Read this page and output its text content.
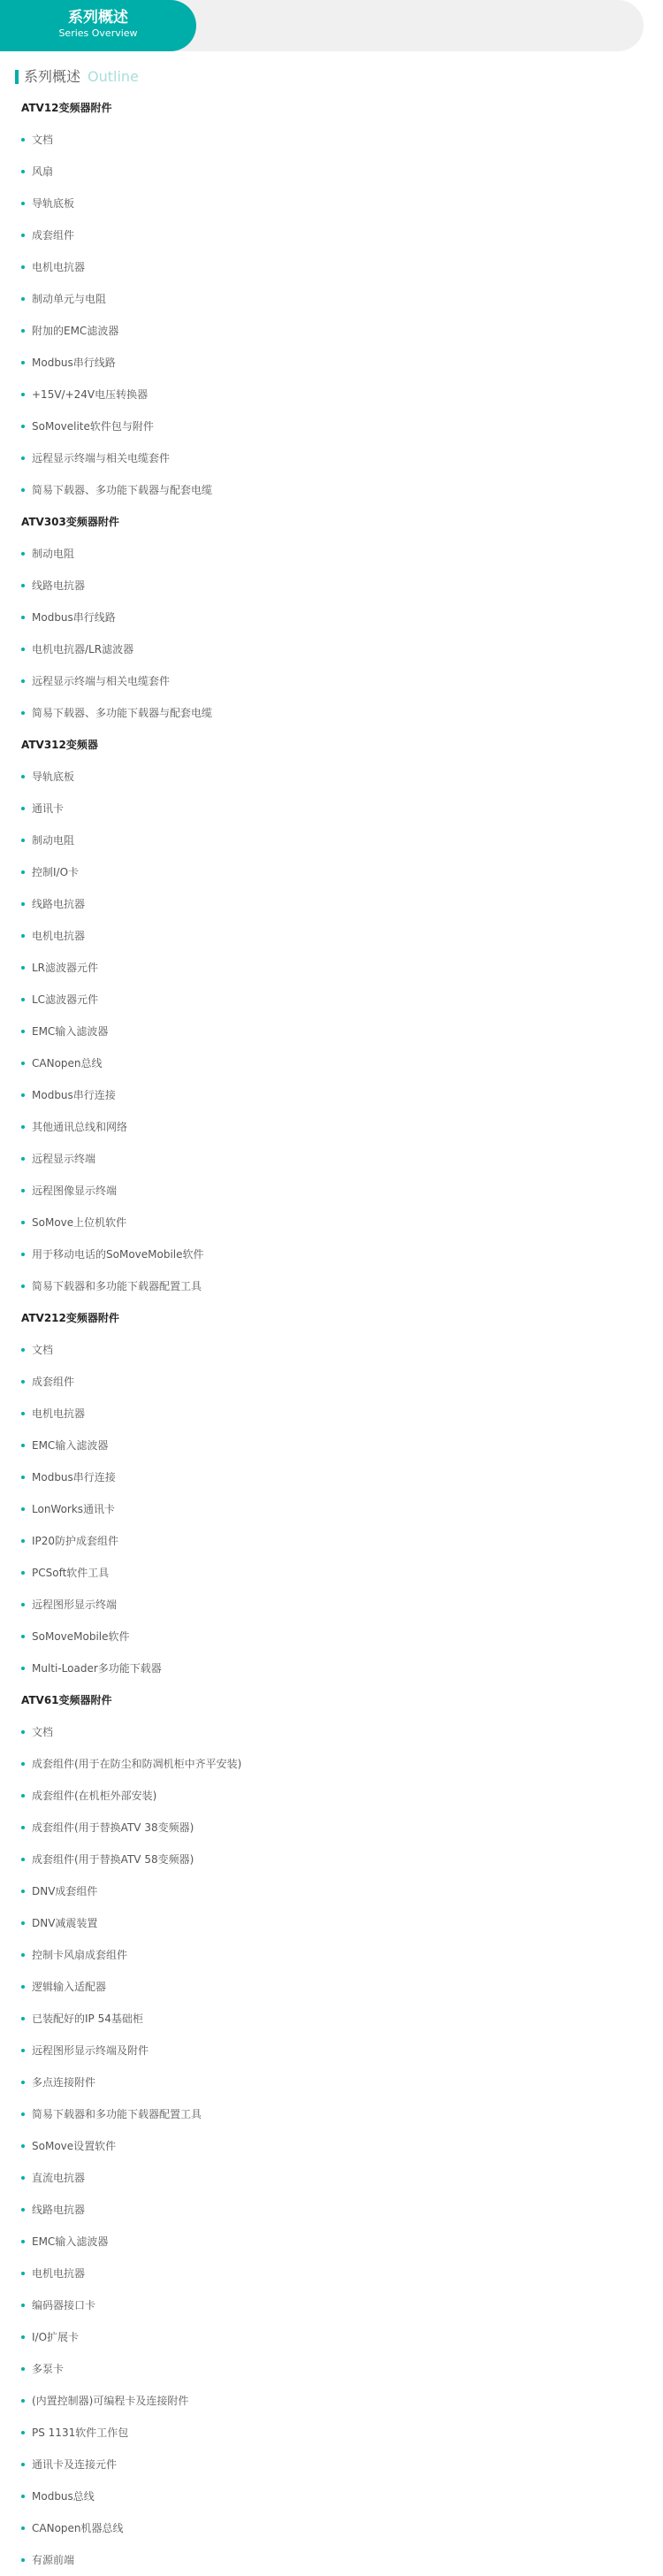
系列概述
Series Overview
系列概述 Outline
ATV12变频器附件
文档
风扇
导轨底板
成套组件
电机电抗器
制动单元与电阻
附加的EMC滤波器
Modbus串行线路
+15V/+24V电压转换器
SoMovelite软件包与附件
远程显示终端与相关电缆套件
简易下载器、多功能下载器与配套电缆
ATV303变频器附件
制动电阻
线路电抗器
Modbus串行线路
电机电抗器/LR滤波器
远程显示终端与相关电缆套件
简易下载器、多功能下载器与配套电缆
ATV312变频器
导轨底板
通讯卡
制动电阻
控制I/O卡
线路电抗器
电机电抗器
LR滤波器元件
LC滤波器元件
EMC输入滤波器
CANopen总线
Modbus串行连接
其他通讯总线和网络
远程显示终端
远程图像显示终端
SoMove上位机软件
用于移动电话的SoMoveMobile软件
简易下载器和多功能下载器配置工具
ATV212变频器附件
文档
成套组件
电机电抗器
EMC输入滤波器
Modbus串行连接
LonWorks通讯卡
IP20防护成套组件
PCSoft软件工具
远程图形显示终端
SoMoveMobile软件
Multi-Loader多功能下载器
ATV61变频器附件
文档
成套组件(用于在防尘和防凋机柜中齐平安装)
成套组件(在机柜外部安装)
成套组件(用于替换ATV 38变频器)
成套组件(用于替换ATV 58变频器)
DNV成套组件
DNV减震装置
控制卡风扇成套组件
逻辑输入适配器
已装配好的IP 54基础柜
远程图形显示终端及附件
多点连接附件
简易下载器和多功能下载器配置工具
SoMove设置软件
直流电抗器
线路电抗器
EMC输入滤波器
电机电抗器
编码器接口卡
I/O扩展卡
多泵卡
(内置控制器)可编程卡及连接附件
PS 1131软件工作包
通讯卡及连接元件
Modbus总线
CANopen机器总线
有源前端
